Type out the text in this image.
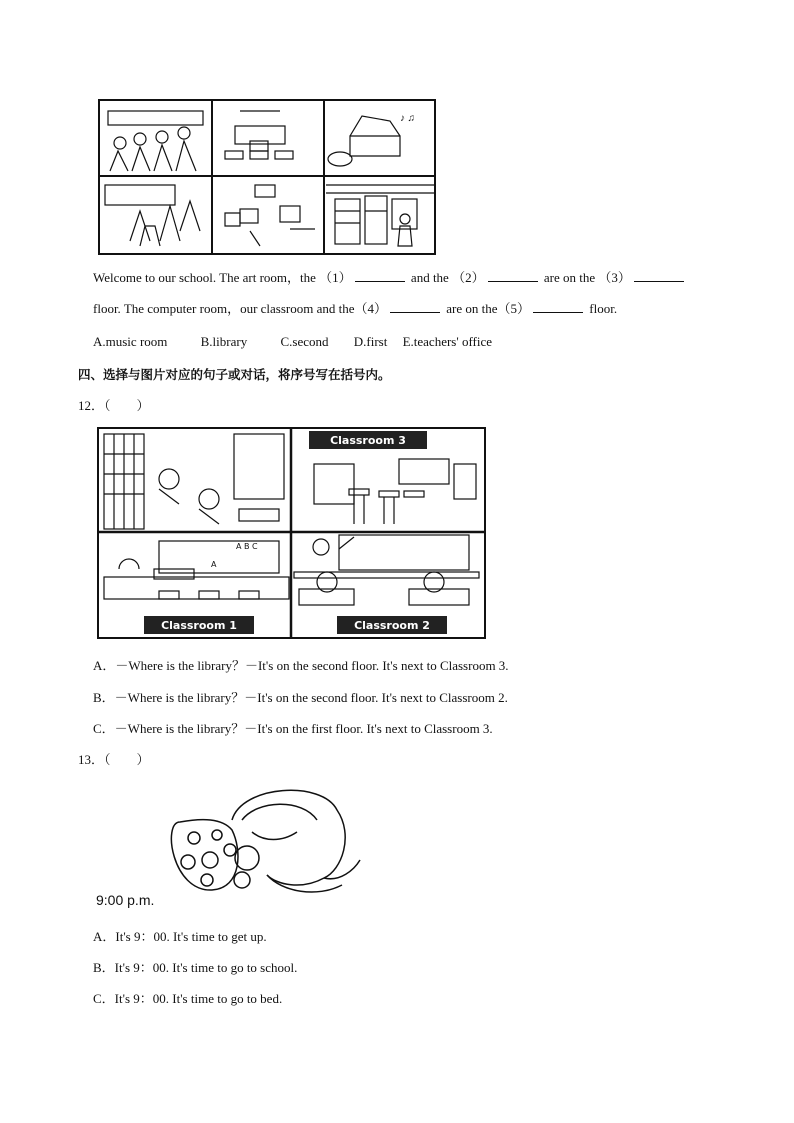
♪ ♫
Welcome to our school. The art room，the （1）	and the （2）	are on the （3）
floor. The computer room，our classroom and the（4）	are on the（5）	floor.
A.music room	B.library	C.second D.first E.teachers' office
四、选择与图片对应的句子或对话，将序号写在括号内。
12．（　　）
Classroom 3
A B C
A
Classroom 1	Classroom 2
A．－Where is the library？－It's on the second floor. It's next to Classroom 3.
B．－Where is the library？－It's on the second floor. It's next to Classroom 2.
C．－Where is the library？－It's on the first floor. It's next to Classroom 3.
13．（　　）
9:00 p.m.
A．It's 9：00. It's time to get up.
B．It's 9：00. It's time to go to school.
C．It's 9：00. It's time to go to bed.
